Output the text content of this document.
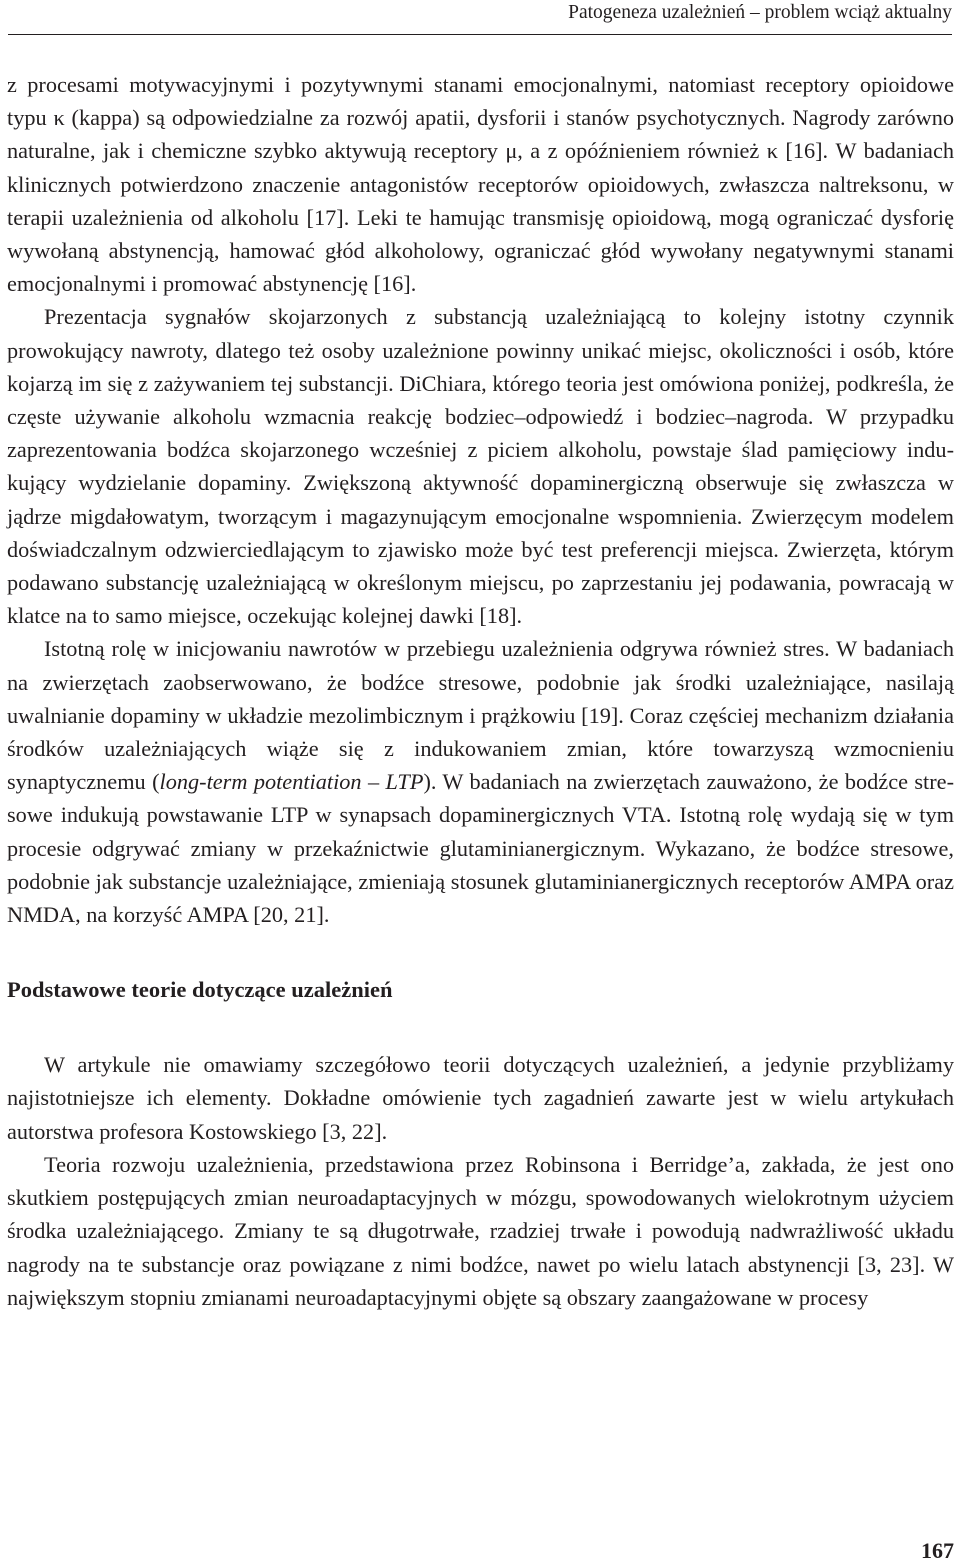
Patogeneza uzależnień – problem wciąż aktualny

z procesami motywacyjnymi i pozytywnymi stanami emocjonalnymi, natomiast receptory opioidowe typu κ (kappa) są odpowiedzialne za rozwój apatii, dysforii i stanów psychotycznych. Nagrody zarówno naturalne, jak i chemiczne szybko aktywują receptory μ, a z opóźnieniem również κ [16]. W badaniach klinicznych potwierdzono znaczenie antagonistów receptorów opioidowych, zwłaszcza naltreksonu, w terapii uzależnienia od alkoholu [17]. Leki te hamując transmisję opioidową, mogą ograniczać dysforię wywołaną abstynencją, hamować głód alkoholowy, ograniczać głód wywołany negatywnymi stanami emocjonalnymi i promować abstynencję [16].

Prezentacja sygnałów skojarzonych z substancją uzależniającą to kolejny istotny czynnik prowokujący nawroty, dlatego też osoby uzależnione powinny unikać miejsc, okoliczności i osób, które kojarzą im się z zażywaniem tej substancji. DiChiara, którego teoria jest omówiona poniżej, podkreśla, że częste używanie alkoholu wzmacnia reakcję bodziec–odpowiedź i bodziec–nagroda. W przypadku zaprezentowania bodźca skojarzonego wcześniej z piciem alkoholu, powstaje ślad pamięciowy indukujący wydzielanie dopaminy. Zwiększoną aktywność dopaminergiczną obserwuje się zwłaszcza w jądrze migdałowatym, tworzącym i magazynującym emocjonalne wspomnienia. Zwierzęcym modelem doświadczalnym odzwierciedlającym to zjawisko może być test preferencji miejsca. Zwierzęta, którym podawano substancję uzależniającą w określonym miejscu, po zaprzestaniu jej podawania, powracają w klatce na to samo miejsce, oczekując kolejnej dawki [18].

Istotną rolę w inicjowaniu nawrotów w przebiegu uzależnienia odgrywa również stres. W badaniach na zwierzętach zaobserwowano, że bodźce stresowe, podobnie jak środki uzależniające, nasilają uwalnianie dopaminy w układzie mezolimbicznym i prążkowiu [19]. Coraz częściej mechanizm działania środków uzależniających wiąże się z indukowaniem zmian, które towarzyszą wzmocnieniu synaptycznemu (long-term potentiation – LTP). W badaniach na zwierzętach zauważono, że bodźce stresowe indukują powstawanie LTP w synapsach dopaminergicznych VTA. Istotną rolę wydają się w tym procesie odgrywać zmiany w przekaźnictwie glutaminianergicznym. Wykazano, że bodźce stresowe, podobnie jak substancje uzależniające, zmieniają stosunek glutaminianergicznych receptorów AMPA oraz NMDA, na korzyść AMPA [20, 21].

Podstawowe teorie dotyczące uzależnień

W artykule nie omawiamy szczegółowo teorii dotyczących uzależnień, a jedynie przybliżamy najistotniejsze ich elementy. Dokładne omówienie tych zagadnień zawarte jest w wielu artykułach autorstwa profesora Kostowskiego [3, 22].

Teoria rozwoju uzależnienia, przedstawiona przez Robinsona i Berridge’a, zakłada, że jest ono skutkiem postępujących zmian neuroadaptacyjnych w mózgu, spowodowanych wielokrotnym użyciem środka uzależniającego. Zmiany te są długotrwałe, rzadziej trwałe i powodują nadwrażliwość układu nagrody na te substancje oraz powiązane z nimi bodźce, nawet po wielu latach abstynencji [3, 23]. W największym stopniu zmianami neuroadaptacyjnymi objęte są obszary zaangażowane w procesy

167
